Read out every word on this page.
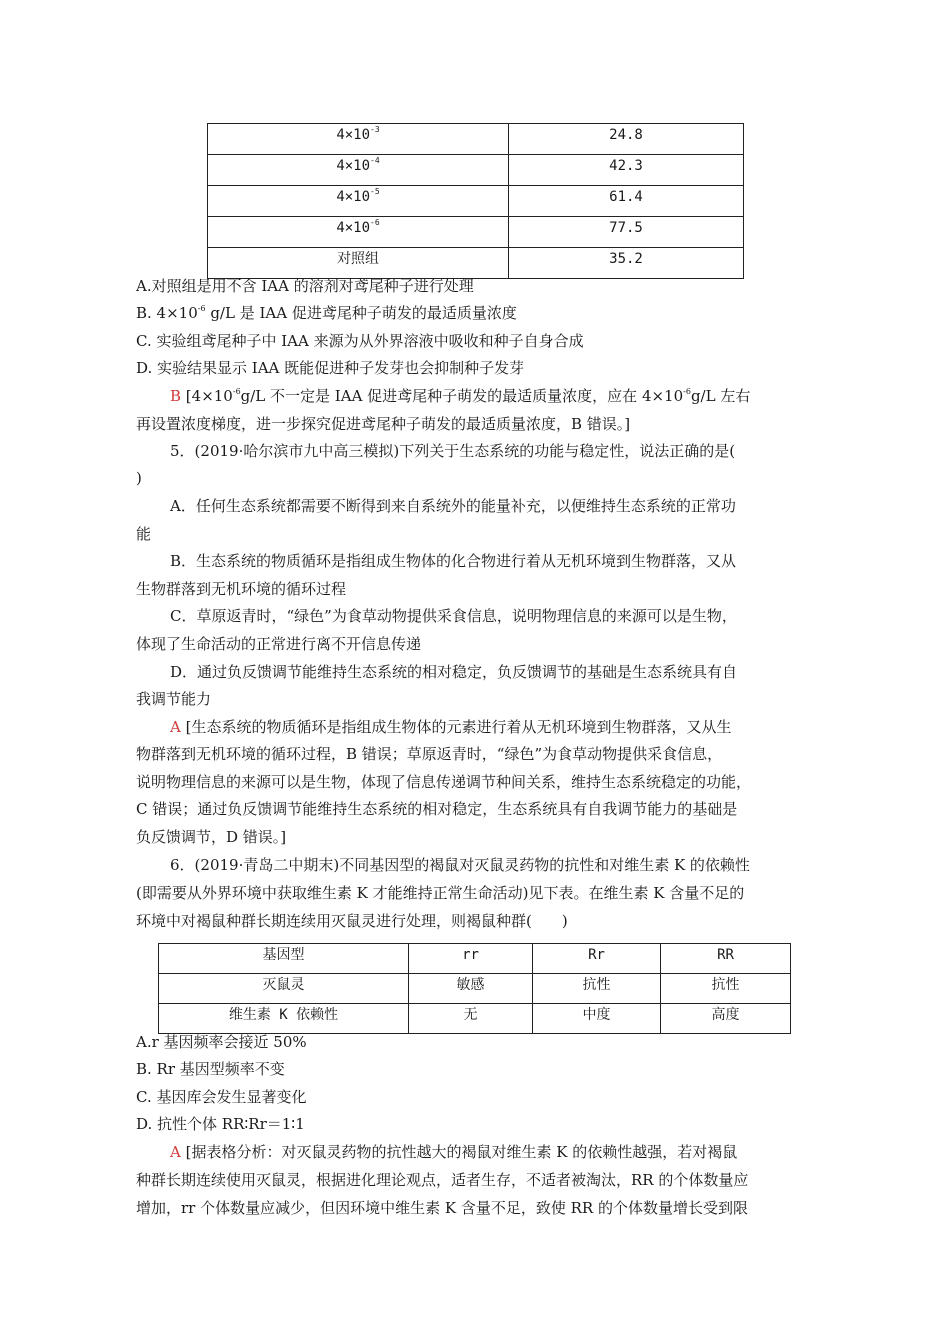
$4\times 10^{-3}$	24.8
$4\times 10^{-4}$	42.3
$4\times 10^{-5}$	61.4
$4\times 10^{-6}$	77.5
对照组	35.2
A.对照组是用不含 IAA 的溶剂对鸢尾种子进行处理
B. $4\times 10^{-6}$ g/L 是 IAA 促进鸢尾种子萌发的最适质量浓度
C. 实验组鸢尾种子中 IAA 来源为从外界溶液中吸收和种子自身合成
D. 实验结果显示 IAA 既能促进种子发芽也会抑制种子发芽
B [$4\times 10^{-6}g/L$ 不一定是 IAA 促进鸢尾种子萌发的最适质量浓度，应在 $4\times 10^{-6}g/L$ 左右
再设置浓度梯度，进一步探究促进鸢尾种子萌发的最适质量浓度，B 错误。]
5．(2019·哈尔滨市九中高三模拟)下列关于生态系统的功能与稳定性，说法正确的是(
)
A．任何生态系统都需要不断得到来自系统外的能量补充，以便维持生态系统的正常功
能
B．生态系统的物质循环是指组成生物体的化合物进行着从无机环境到生物群落，又从
生物群落到无机环境的循环过程
C．草原返青时，“绿色”为食草动物提供采食信息，说明物理信息的来源可以是生物，
体现了生命活动的正常进行离不开信息传递
D．通过负反馈调节能维持生态系统的相对稳定，负反馈调节的基础是生态系统具有自
我调节能力
A [生态系统的物质循环是指组成生物体的元素进行着从无机环境到生物群落，又从生
物群落到无机环境的循环过程，B 错误；草原返青时，“绿色”为食草动物提供采食信息，
说明物理信息的来源可以是生物，体现了信息传递调节种间关系，维持生态系统稳定的功能，
C 错误；通过负反馈调节能维持生态系统的相对稳定，生态系统具有自我调节能力的基础是
负反馈调节，D 错误。]
6．(2019·青岛二中期末)不同基因型的褐鼠对灭鼠灵药物的抗性和对维生素 K 的依赖性
(即需要从外界环境中获取维生素 K 才能维持正常生命活动)见下表。在维生素 K 含量不足的
环境中对褐鼠种群长期连续用灭鼠灵进行处理，则褐鼠种群(　　)
基因型	rr	Rr	RR
灭鼠灵	敏感	抗性	抗性
维生素 K 依赖性	无	中度	高度
A.r 基因频率会接近 50%
B. Rr 基因型频率不变
C. 基因库会发生显著变化
D. 抗性个体 RR∶Rr＝1∶1
A [据表格分析：对灭鼠灵药物的抗性越大的褐鼠对维生素 K 的依赖性越强，若对褐鼠
种群长期连续使用灭鼠灵，根据进化理论观点，适者生存，不适者被淘汰，RR 的个体数量应
增加，rr 个体数量应减少，但因环境中维生素 K 含量不足，致使 RR 的个体数量增长受到限
